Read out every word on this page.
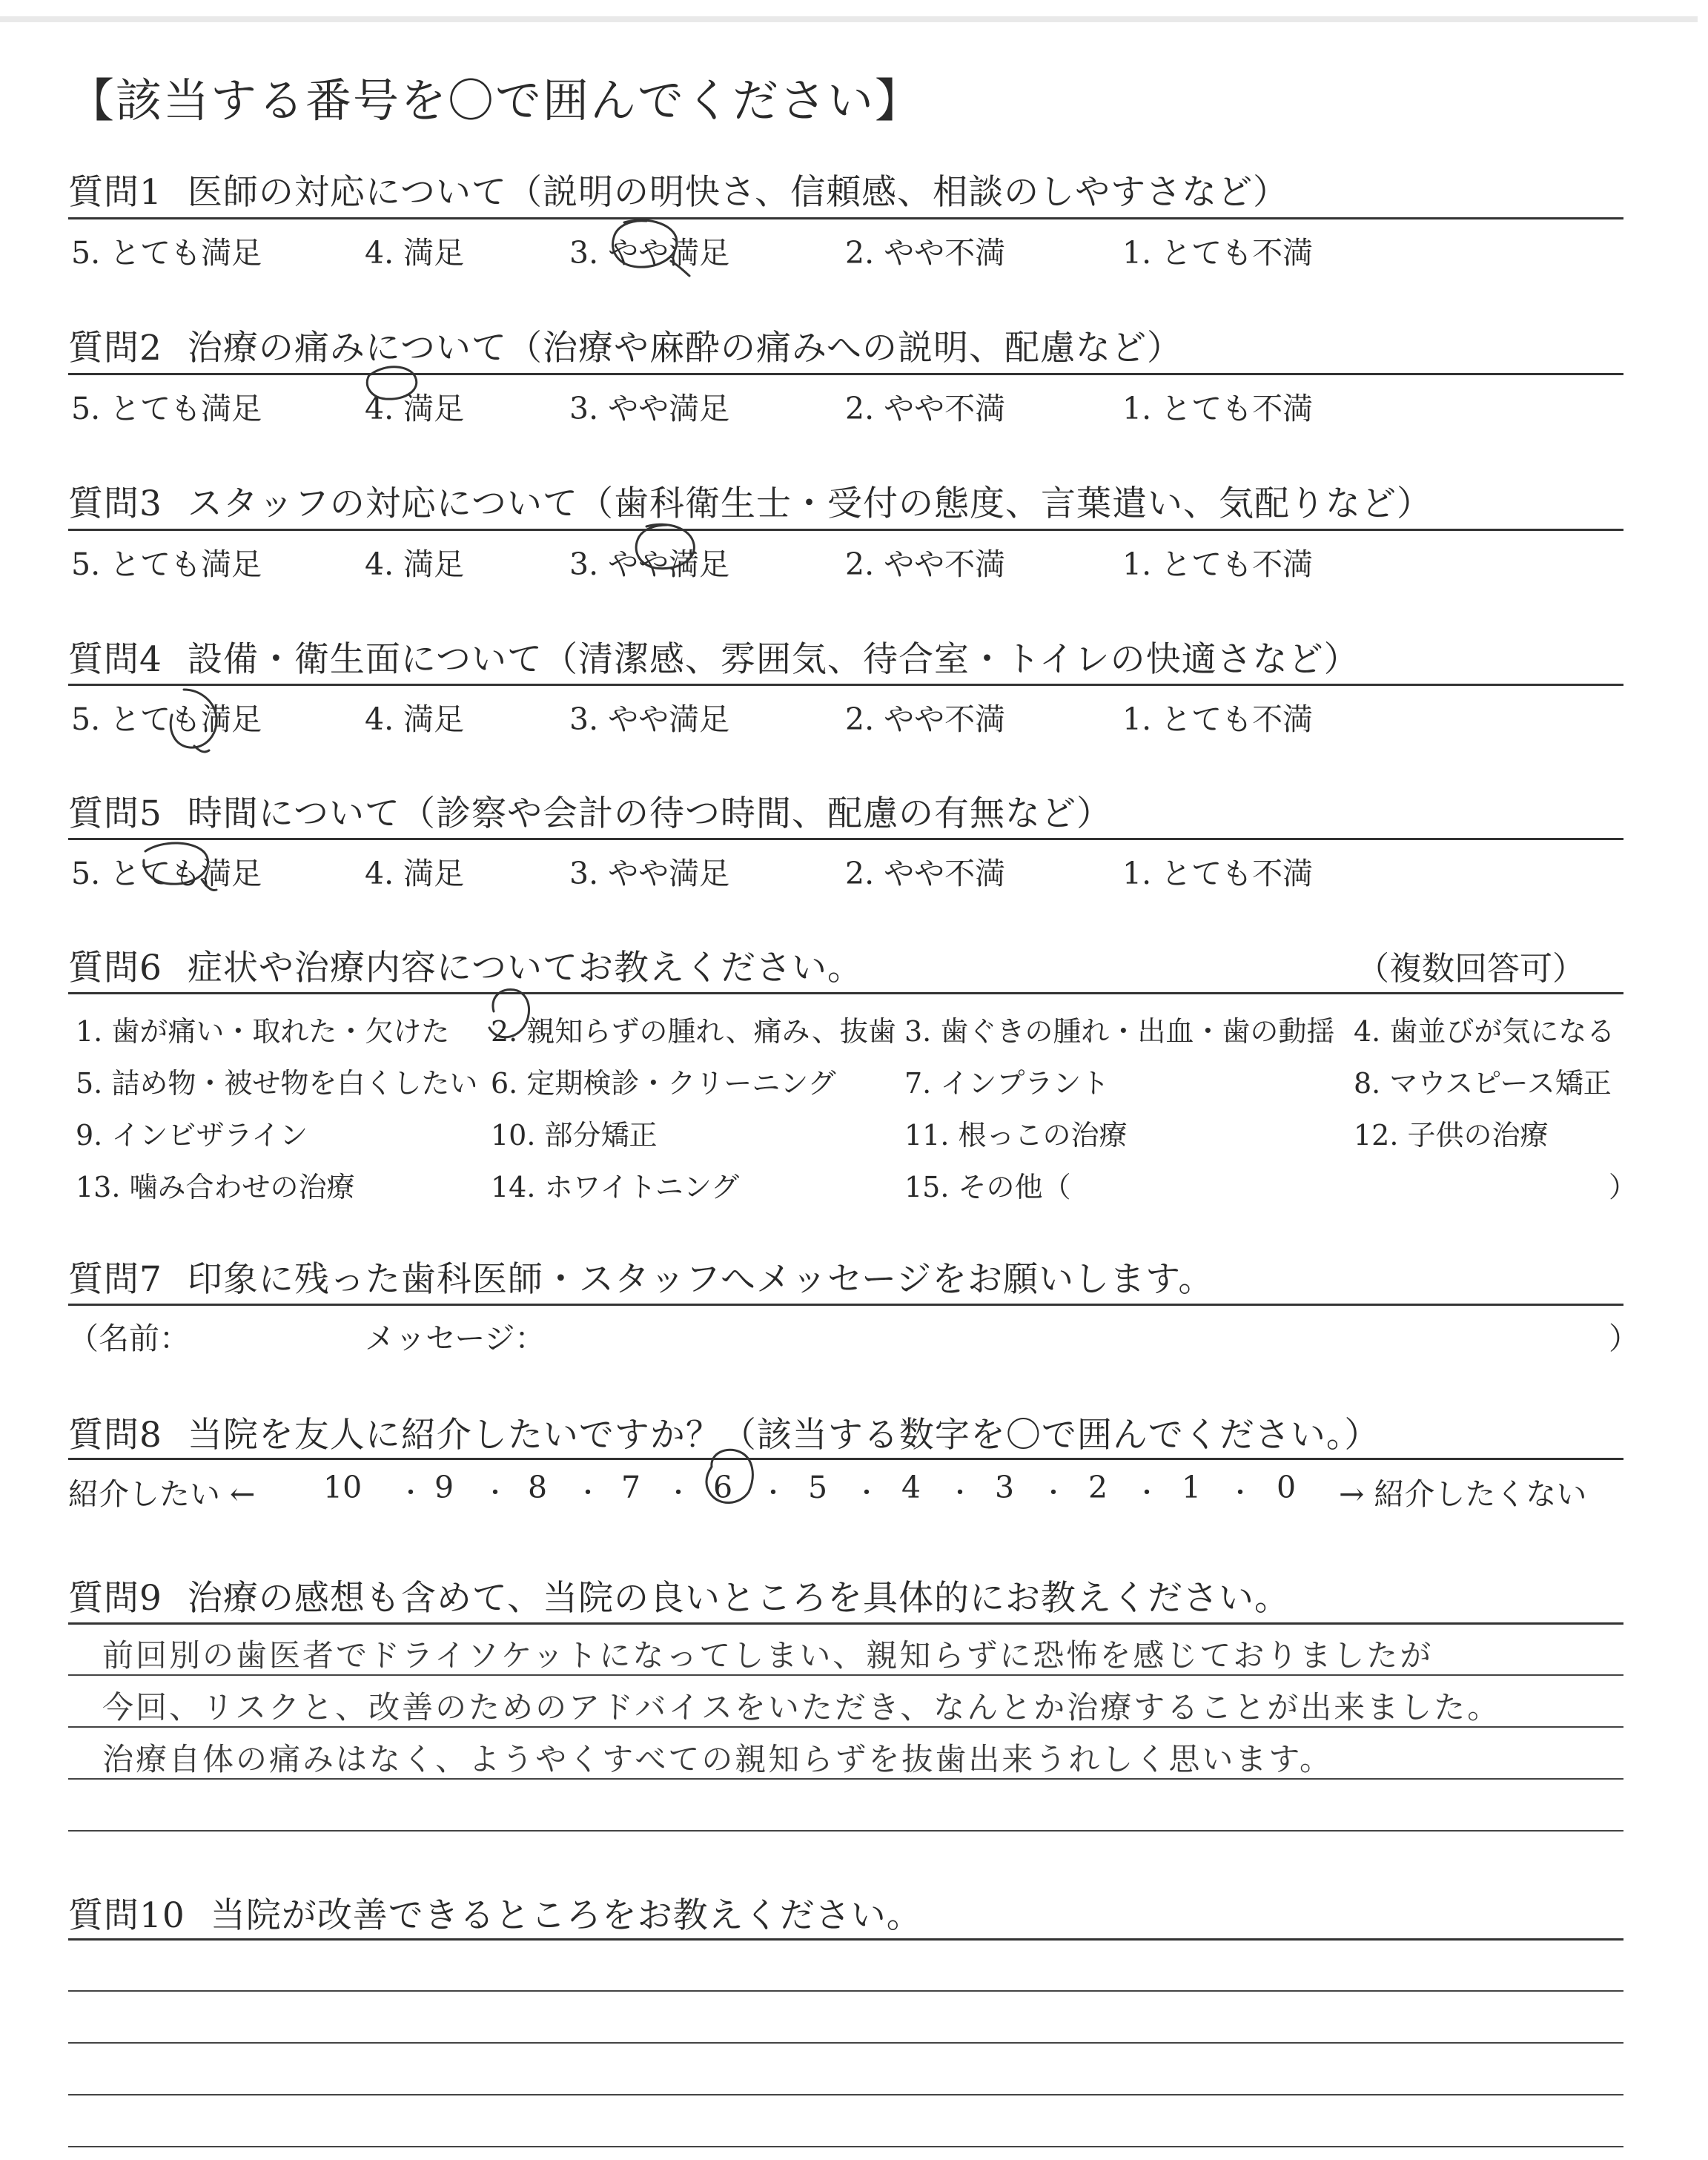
【該当する番号を〇で囲んでください】
質問1 医師の対応について（説明の明快さ、信頼感、相談のしやすさなど）
5. とても満足	4. 満足	3. やや満足	2. やや不満	1. とても不満
質問2 治療の痛みについて（治療や麻酔の痛みへの説明、配慮など）
5. とても満足	4. 満足	3. やや満足	2. やや不満	1. とても不満
質問3 スタッフの対応について（歯科衛生士・受付の態度、言葉遣い、気配りなど）
5. とても満足	4. 満足	3. やや満足	2. やや不満	1. とても不満
質問4 設備・衛生面について（清潔感、雰囲気、待合室・トイレの快適さなど）
5. とても満足	4. 満足	3. やや満足	2. やや不満	1. とても不満
質問5 時間について（診察や会計の待つ時間、配慮の有無など）
5. とても満足	4. 満足	3. やや満足	2. やや不満	1. とても不満
質問6 症状や治療内容についてお教えください。	（複数回答可）
1. 歯が痛い・取れた・欠けた 2. 親知らずの腫れ、痛み、抜歯 3. 歯ぐきの腫れ・出血・歯の動揺 4. 歯並びが気になる
5. 詰め物・被せ物を白くしたい 6. 定期検診・クリーニング 7. インプラント	8. マウスピース矯正
9. インビザライン	10. 部分矯正	11. 根っこの治療	12. 子供の治療
13. 噛み合わせの治療	14. ホワイトニング	15. その他（	）
質問7 印象に残った歯科医師・スタッフへメッセージをお願いします。
（名前：	メッセージ：	）
質問8 当院を友人に紹介したいですか？（該当する数字を〇で囲んでください。）
紹介したい ← 10 ・ 9 ・ 8 ・ 7 ・ 6 ・ 5 ・ 4 ・ 3 ・ 2 ・ 1 ・ 0 → 紹介したくない
質問9 治療の感想も含めて、当院の良いところを具体的にお教えください。
前回別の歯医者でドライソケットになってしまい、親知らずに恐怖を感じておりましたが
今回、リスクと、改善のためのアドバイスをいただき、なんとか治療することが出来ました。
治療自体の痛みはなく、ようやくすべての親知らずを抜歯出来うれしく思います。
質問10 当院が改善できるところをお教えください。
